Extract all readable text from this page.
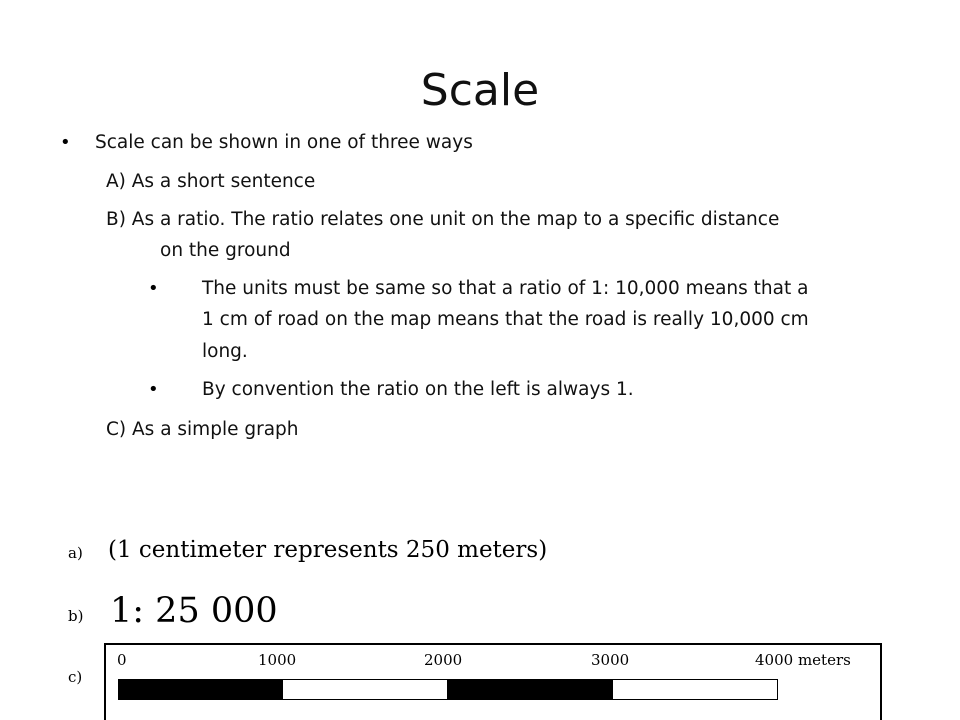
Scale
• Scale can be shown in one of three ways
A) As a short sentence
B) As a ratio. The ratio relates one unit on the map to a specific distance
on the ground
• The units must be same so that a ratio of 1: 10,000 means that a
1 cm of road on the map means that the road is really 10,000 cm
long.
• By convention the ratio on the left is always 1.
C) As a simple graph
a) (1 centimeter represents 250 meters)
b) 1: 25 000
c)
0	1000	2000	3000	4000 meters
